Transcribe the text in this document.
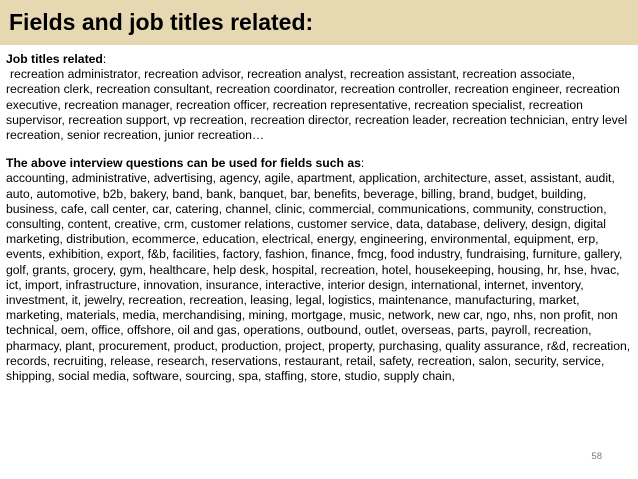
Fields and job titles related:

Job titles related:

recreation administrator, recreation advisor, recreation analyst, recreation assistant, recreation associate, recreation clerk, recreation consultant, recreation coordinator, recreation controller, recreation engineer, recreation executive, recreation manager, recreation officer, recreation representative, recreation specialist, recreation supervisor, recreation support, vp recreation, recreation director, recreation leader, recreation technician, entry level recreation, senior recreation, junior recreation…

The above interview questions can be used for fields such as:

accounting, administrative, advertising, agency, agile, apartment, application, architecture, asset, assistant, audit, auto, automotive, b2b, bakery, band, bank, banquet, bar, benefits, beverage, billing, brand, budget, building, business, cafe, call center, car, catering, channel, clinic, commercial, communications, community, construction, consulting, content, creative, crm, customer relations, customer service, data, database, delivery, design, digital marketing, distribution, ecommerce, education, electrical, energy, engineering, environmental, equipment, erp, events, exhibition, export, f&b, facilities, factory, fashion, finance, fmcg, food industry, fundraising, furniture, gallery, golf, grants, grocery, gym, healthcare, help desk, hospital, recreation, hotel, housekeeping, housing, hr, hse, hvac, ict, import, infrastructure, innovation, insurance, interactive, interior design, international, internet, inventory, investment, it, jewelry, recreation, recreation, leasing, legal, logistics, maintenance, manufacturing, market, marketing, materials, media, merchandising, mining, mortgage, music, network, new car, ngo, nhs, non profit, non technical, oem, office, offshore, oil and gas, operations, outbound, outlet, overseas, parts, payroll, recreation, pharmacy, plant, procurement, product, production, project, property, purchasing, quality assurance, r&d, recreation, records, recruiting, release, research, reservations, restaurant, retail, safety, recreation, salon, security, service, shipping, social media, software, sourcing, spa, staffing, store, studio, supply chain,

58
